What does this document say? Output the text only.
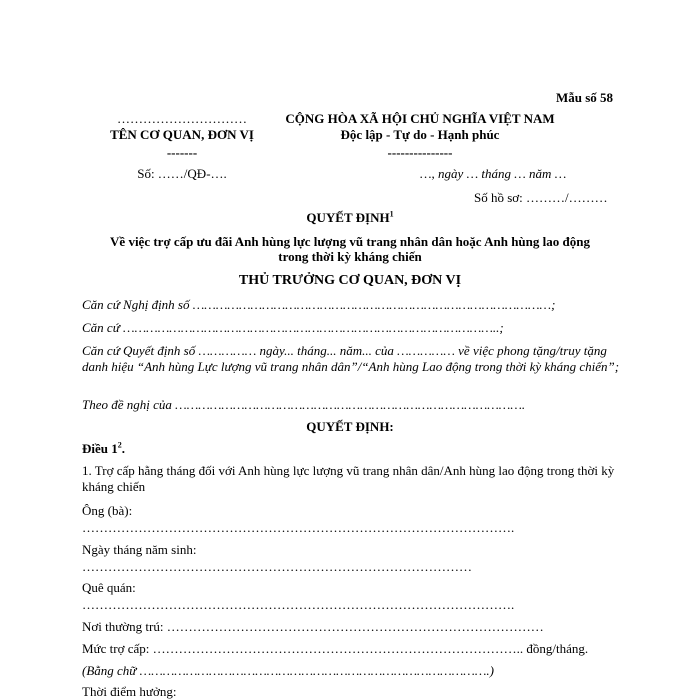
Mẫu số 58
…………………………
TÊN CƠ QUAN, ĐƠN VỊ
-------
Số: ……/QĐ-….
CỘNG HÒA XÃ HỘI CHỦ NGHĨA VIỆT NAM
Độc lập - Tự do - Hạnh phúc
---------------
…, ngày … tháng … năm …
Số hồ sơ: ………/………
QUYẾT ĐỊNH$^1$
Về việc trợ cấp ưu đãi Anh hùng lực lượng vũ trang nhân dân hoặc Anh hùng lao động trong thời kỳ kháng chiến
THỦ TRƯỞNG CƠ QUAN, ĐƠN VỊ
Căn cứ Nghị định số …………………………………………………………………………………;
Căn cứ ……………………………………………………………………………………..;
Căn cứ Quyết định số …………… ngày... tháng... năm... của …………… về việc phong tặng/truy tặng danh hiệu “Anh hùng Lực lượng vũ trang nhân dân”/“Anh hùng Lao động trong thời kỳ kháng chiến”;
Theo đề nghị của ……………………………………………………………………………….
QUYẾT ĐỊNH:
Điều $1^2$.
1. Trợ cấp hằng tháng đối với Anh hùng lực lượng vũ trang nhân dân/Anh hùng lao động trong thời kỳ kháng chiến
Ông (bà):
……………………………………………………………………………………….
Ngày tháng năm sinh:
………………………………………………………………………………
Quê quán:
……………………………………………………………………………………….
Nơi thường trú: ……………………………………………………………………………
Mức trợ cấp: ………………………………………………………………………….. đồng/tháng.
(Bằng chữ ……………………………………………………………………………….)
Thời điểm hưởng:
